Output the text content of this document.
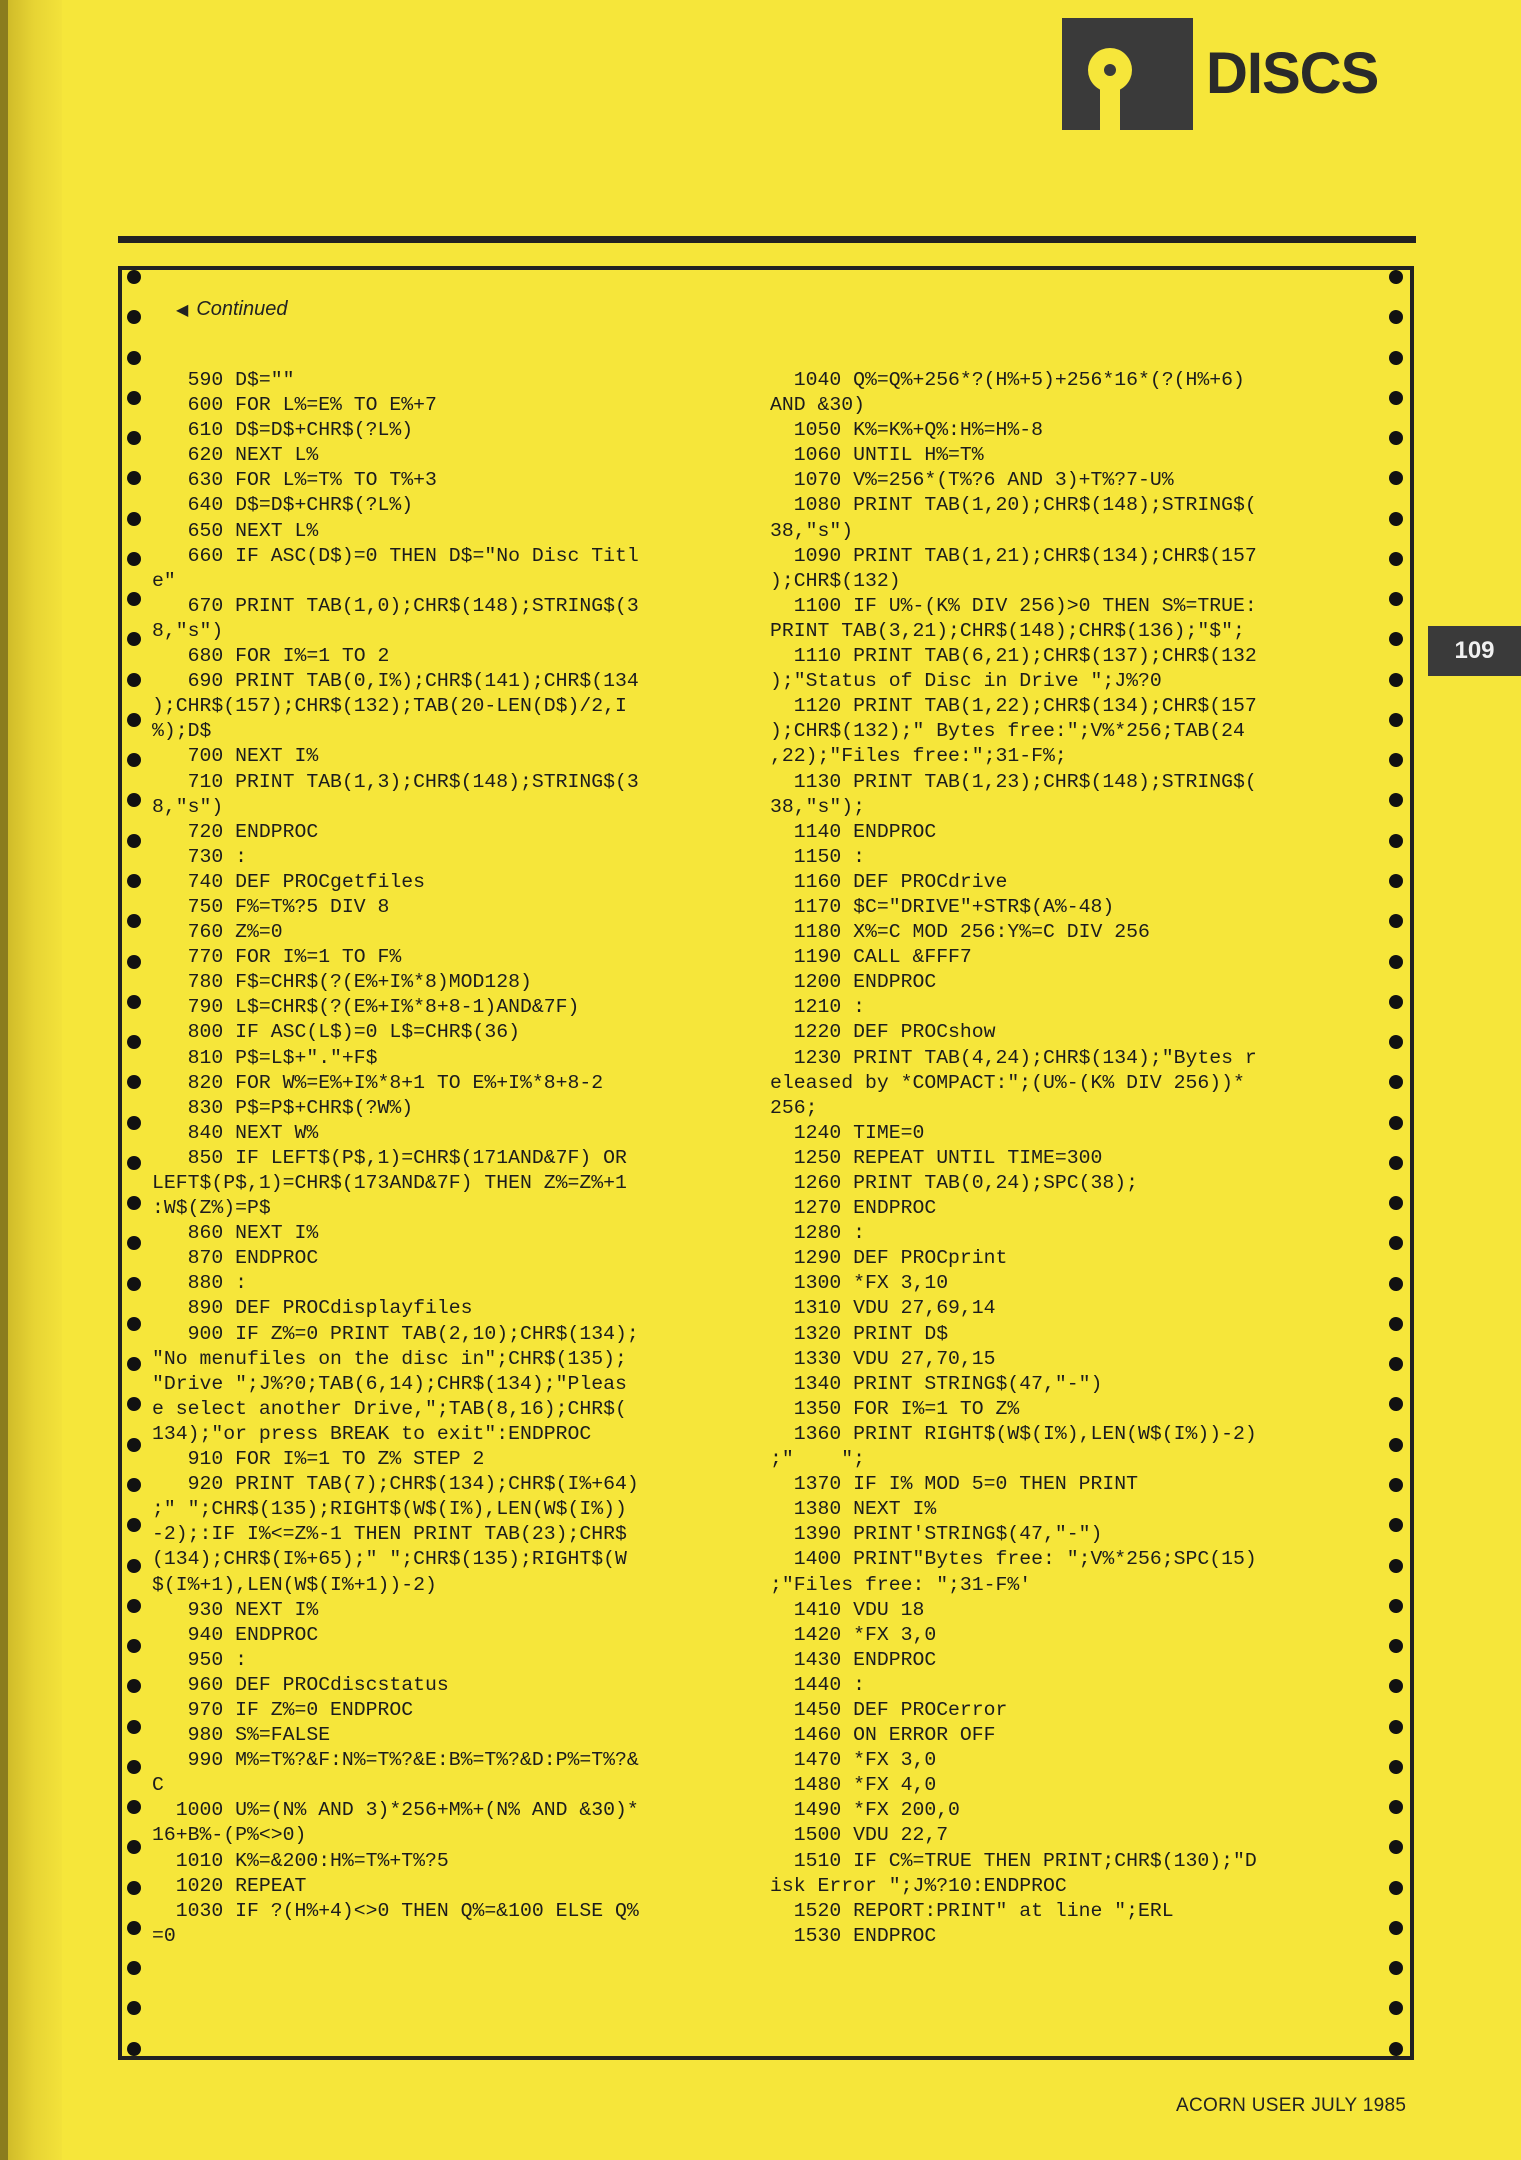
DISCS
◀ Continued
590 D$=""
600 FOR L%=E% TO E%+7
610 D$=D$+CHR$(?L%)
620 NEXT L%
630 FOR L%=T% TO T%+3
640 D$=D$+CHR$(?L%)
650 NEXT L%
660 IF ASC(D$)=0 THEN D$="No Disc Titl
e"
670 PRINT TAB(1,0);CHR$(148);STRING$(3
8,"s")
680 FOR I%=1 TO 2
690 PRINT TAB(0,I%);CHR$(141);CHR$(134
);CHR$(157);CHR$(132);TAB(20-LEN(D$)/2,I
%);D$
700 NEXT I%
710 PRINT TAB(1,3);CHR$(148);STRING$(3
8,"s")
720 ENDPROC
730 :
740 DEF PROCgetfiles
750 F%=T%?5 DIV 8
760 Z%=0
770 FOR I%=1 TO F%
780 F$=CHR$(?(E%+I%*8)MOD128)
790 L$=CHR$(?(E%+I%*8+8-1)AND&7F)
800 IF ASC(L$)=0 L$=CHR$(36)
810 P$=L$+"."+F$
820 FOR W%=E%+I%*8+1 TO E%+I%*8+8-2
830 P$=P$+CHR$(?W%)
840 NEXT W%
850 IF LEFT$(P$,1)=CHR$(171AND&7F) OR
LEFT$(P$,1)=CHR$(173AND&7F) THEN Z%=Z%+1
:W$(Z%)=P$
860 NEXT I%
870 ENDPROC
880 :
890 DEF PROCdisplayfiles
900 IF Z%=0 PRINT TAB(2,10);CHR$(134);
"No menufiles on the disc in";CHR$(135);
"Drive ";J%?0;TAB(6,14);CHR$(134);"Pleas
e select another Drive,";TAB(8,16);CHR$(
134);"or press BREAK to exit":ENDPROC
910 FOR I%=1 TO Z% STEP 2
920 PRINT TAB(7);CHR$(134);CHR$(I%+64)
;" ";CHR$(135);RIGHT$(W$(I%),LEN(W$(I%))
-2);:IF I%<=Z%-1 THEN PRINT TAB(23);CHR$
(134);CHR$(I%+65);" ";CHR$(135);RIGHT$(W
$(I%+1),LEN(W$(I%+1))-2)
930 NEXT I%
940 ENDPROC
950 :
960 DEF PROCdiscstatus
970 IF Z%=0 ENDPROC
980 S%=FALSE
990 M%=T%?&F:N%=T%?&E:B%=T%?&D:P%=T%?&
C
1000 U%=(N% AND 3)*256+M%+(N% AND &30)*
16+B%-(P%<>0)
1010 K%=&200:H%=T%+T%?5
1020 REPEAT
1030 IF ?(H%+4)<>0 THEN Q%=&100 ELSE Q%
=0

1040 Q%=Q%+256*?(H%+5)+256*16*(?(H%+6)
AND &30)
1050 K%=K%+Q%:H%=H%-8
1060 UNTIL H%=T%
1070 V%=256*(T%?6 AND 3)+T%?7-U%
1080 PRINT TAB(1,20);CHR$(148);STRING$(
38,"s")
1090 PRINT TAB(1,21);CHR$(134);CHR$(157
);CHR$(132)
1100 IF U%-(K% DIV 256)>0 THEN S%=TRUE:
PRINT TAB(3,21);CHR$(148);CHR$(136);"$";
1110 PRINT TAB(6,21);CHR$(137);CHR$(132
);"Status of Disc in Drive ";J%?0
1120 PRINT TAB(1,22);CHR$(134);CHR$(157
);CHR$(132);" Bytes free:";V%*256;TAB(24
,22);"Files free:";31-F%;
1130 PRINT TAB(1,23);CHR$(148);STRING$(
38,"s");
1140 ENDPROC
1150 :
1160 DEF PROCdrive
1170 $C="DRIVE"+STR$(A%-48)
1180 X%=C MOD 256:Y%=C DIV 256
1190 CALL &FFF7
1200 ENDPROC
1210 :
1220 DEF PROCshow
1230 PRINT TAB(4,24);CHR$(134);"Bytes r
eleased by *COMPACT:";(U%-(K% DIV 256))*
256;
1240 TIME=0
1250 REPEAT UNTIL TIME=300
1260 PRINT TAB(0,24);SPC(38);
1270 ENDPROC
1280 :
1290 DEF PROCprint
1300 *FX 3,10
1310 VDU 27,69,14
1320 PRINT D$
1330 VDU 27,70,15
1340 PRINT STRING$(47,"-")
1350 FOR I%=1 TO Z%
1360 PRINT RIGHT$(W$(I%),LEN(W$(I%))-2)
;"    ";
1370 IF I% MOD 5=0 THEN PRINT
1380 NEXT I%
1390 PRINT'STRING$(47,"-")
1400 PRINT"Bytes free: ";V%*256;SPC(15)
;"Files free: ";31-F%'
1410 VDU 18
1420 *FX 3,0
1430 ENDPROC
1440 :
1450 DEF PROCerror
1460 ON ERROR OFF
1470 *FX 3,0
1480 *FX 4,0
1490 *FX 200,0
1500 VDU 22,7
1510 IF C%=TRUE THEN PRINT;CHR$(130);"D
isk Error ";J%?10:ENDPROC
1520 REPORT:PRINT" at line ";ERL
1530 ENDPROC

109
ACORN USER JULY 1985
